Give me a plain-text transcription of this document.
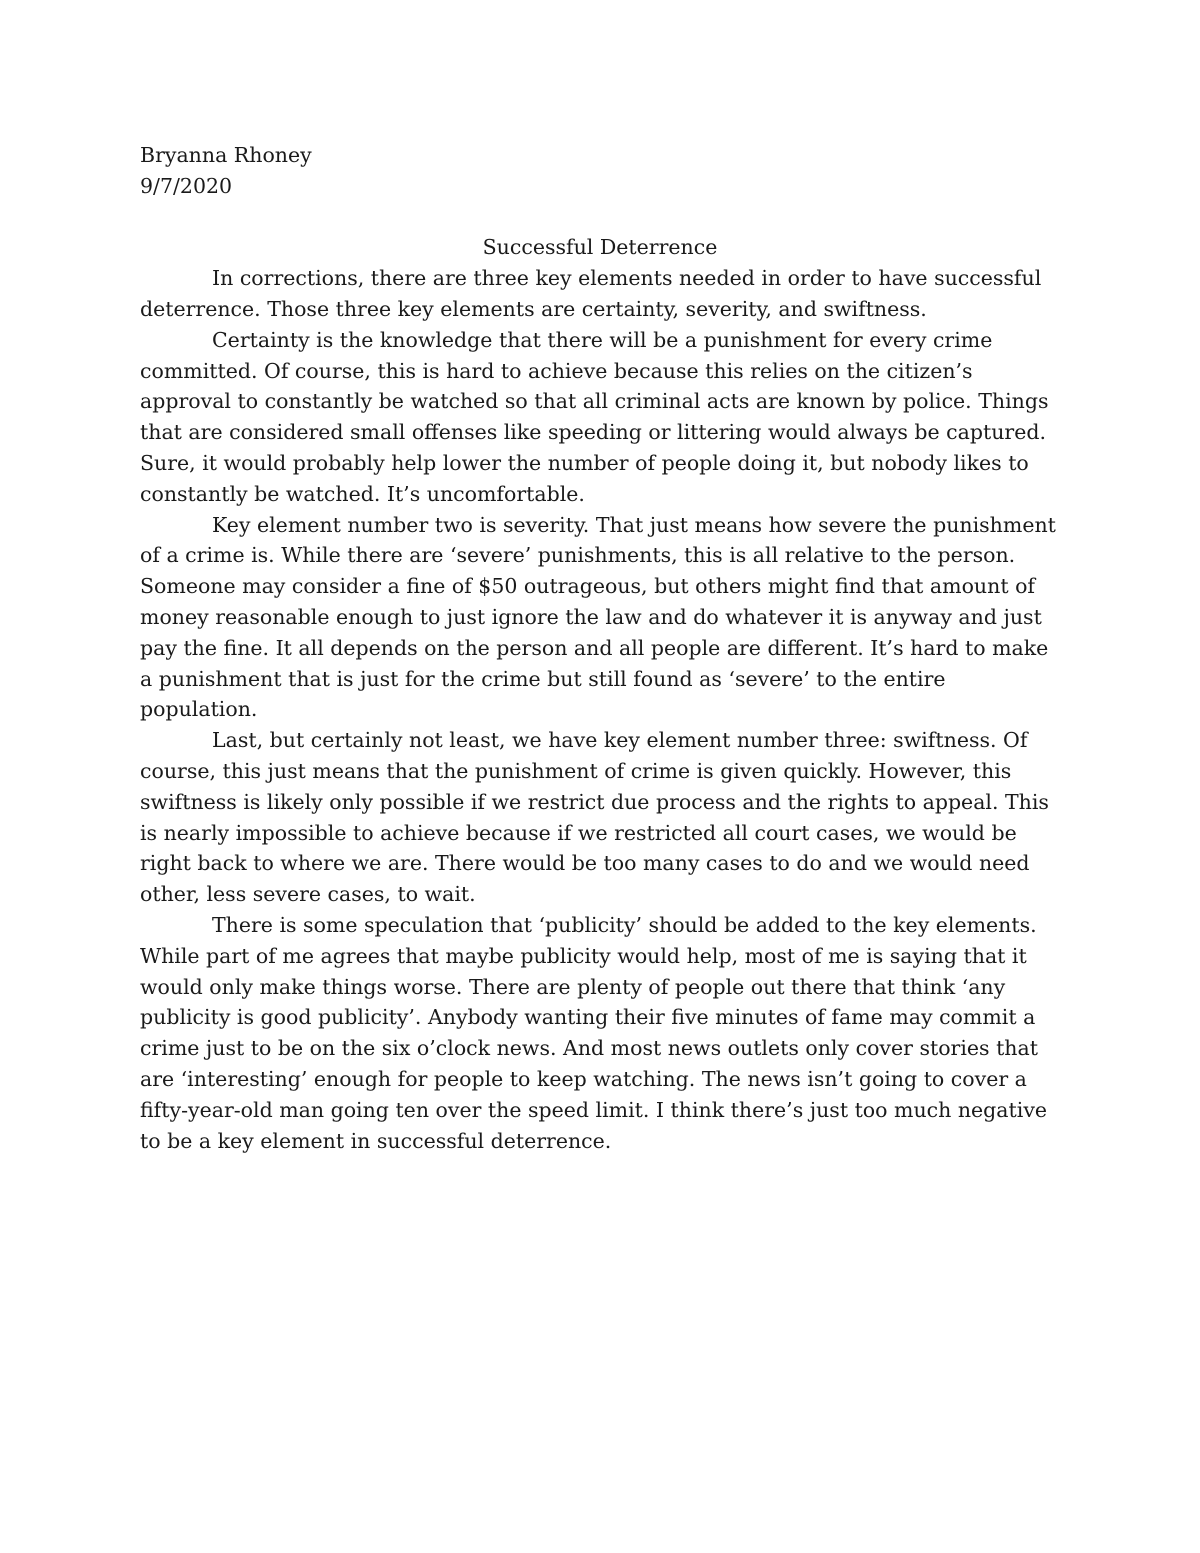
Bryanna Rhoney

9/7/2020

Successful Deterrence

In corrections, there are three key elements needed in order to have successful deterrence. Those three key elements are certainty, severity, and swiftness.

Certainty is the knowledge that there will be a punishment for every crime committed. Of course, this is hard to achieve because this relies on the citizen’s approval to constantly be watched so that all criminal acts are known by police. Things that are considered small offenses like speeding or littering would always be captured. Sure, it would probably help lower the number of people doing it, but nobody likes to constantly be watched. It’s uncomfortable.

Key element number two is severity. That just means how severe the punishment of a crime is. While there are ‘severe’ punishments, this is all relative to the person. Someone may consider a fine of $50 outrageous, but others might find that amount of money reasonable enough to just ignore the law and do whatever it is anyway and just pay the fine. It all depends on the person and all people are different. It’s hard to make a punishment that is just for the crime but still found as ‘severe’ to the entire population.

Last, but certainly not least, we have key element number three: swiftness. Of course, this just means that the punishment of crime is given quickly. However, this swiftness is likely only possible if we restrict due process and the rights to appeal. This is nearly impossible to achieve because if we restricted all court cases, we would be right back to where we are. There would be too many cases to do and we would need other, less severe cases, to wait.

There is some speculation that ‘publicity’ should be added to the key elements. While part of me agrees that maybe publicity would help, most of me is saying that it would only make things worse. There are plenty of people out there that think ‘any publicity is good publicity’. Anybody wanting their five minutes of fame may commit a crime just to be on the six o’clock news. And most news outlets only cover stories that are ‘interesting’ enough for people to keep watching. The news isn’t going to cover a fifty-year-old man going ten over the speed limit. I think there’s just too much negative to be a key element in successful deterrence.
